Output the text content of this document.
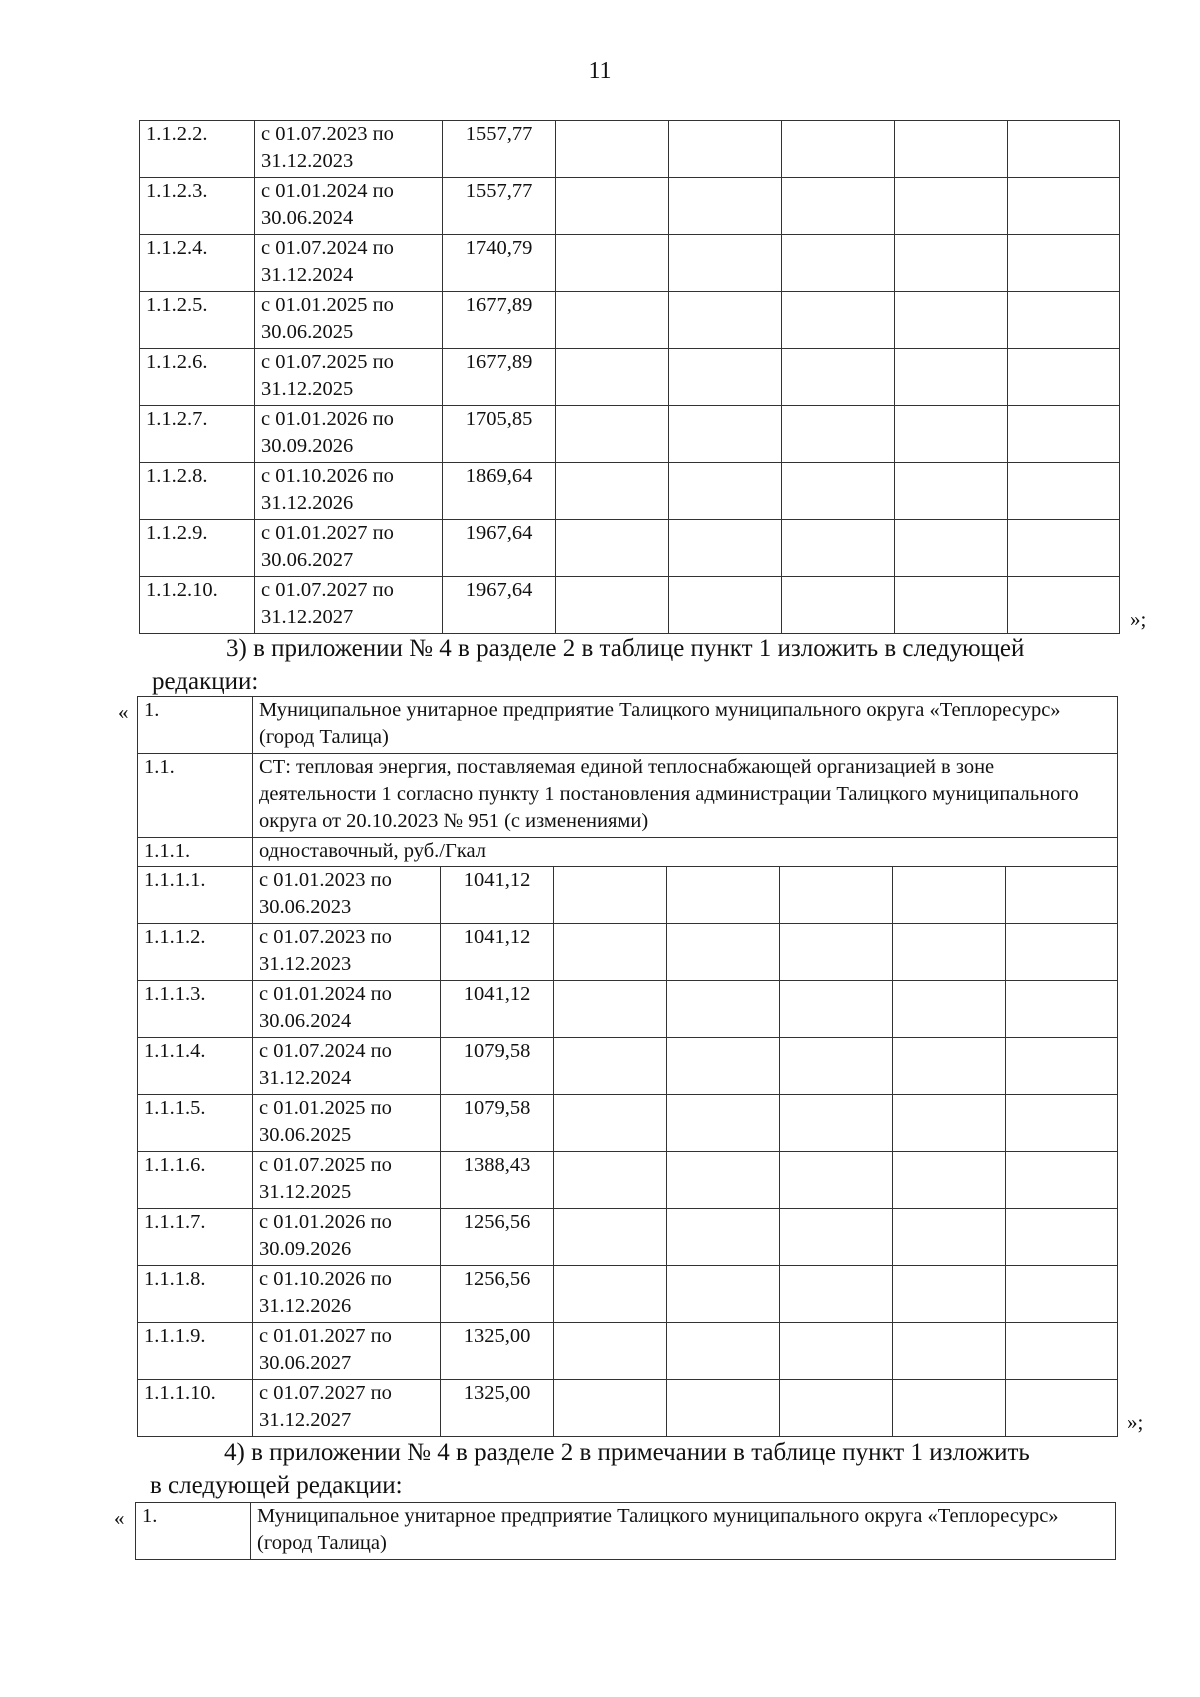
11
1.1.2.2.	с 01.07.2023 по 31.12.2023	1557,77					
1.1.2.3.	с 01.01.2024 по 30.06.2024	1557,77					
1.1.2.4.	с 01.07.2024 по 31.12.2024	1740,79					
1.1.2.5.	с 01.01.2025 по 30.06.2025	1677,89					
1.1.2.6.	с 01.07.2025 по 31.12.2025	1677,89					
1.1.2.7.	с 01.01.2026 по 30.09.2026	1705,85					
1.1.2.8.	с 01.10.2026 по 31.12.2026	1869,64					
1.1.2.9.	с 01.01.2027 по 30.06.2027	1967,64					
1.1.2.10.	с 01.07.2027 по 31.12.2027	1967,64					
»;
3) в приложении № 4 в разделе 2 в таблице пункт 1 изложить в следующей
редакции:
« 1.	Муниципальное унитарное предприятие Талицкого муниципального округа «Теплоресурс» (город Талица)						
1.1.	СТ: тепловая энергия, поставляемая единой теплоснабжающей организацией в зоне деятельности 1 согласно пункту 1 постановления администрации Талицкого муниципального округа от 20.10.2023 № 951 (с изменениями)						
1.1.1.	одноставочный, руб./Гкал						
1.1.1.1.	с 01.01.2023 по 30.06.2023	1041,12					
1.1.1.2.	с 01.07.2023 по 31.12.2023	1041,12					
1.1.1.3.	с 01.01.2024 по 30.06.2024	1041,12					
1.1.1.4.	с 01.07.2024 по 31.12.2024	1079,58					
1.1.1.5.	с 01.01.2025 по 30.06.2025	1079,58					
1.1.1.6.	с 01.07.2025 по 31.12.2025	1388,43					
1.1.1.7.	с 01.01.2026 по 30.09.2026	1256,56					
1.1.1.8.	с 01.10.2026 по 31.12.2026	1256,56					
1.1.1.9.	с 01.01.2027 по 30.06.2027	1325,00					
1.1.1.10.	с 01.07.2027 по 31.12.2027	1325,00					
»;
4) в приложении № 4 в разделе 2 в примечании в таблице пункт 1 изложить
в следующей редакции:
« 1.	Муниципальное унитарное предприятие Талицкого муниципального округа «Теплоресурс» (город Талица)
